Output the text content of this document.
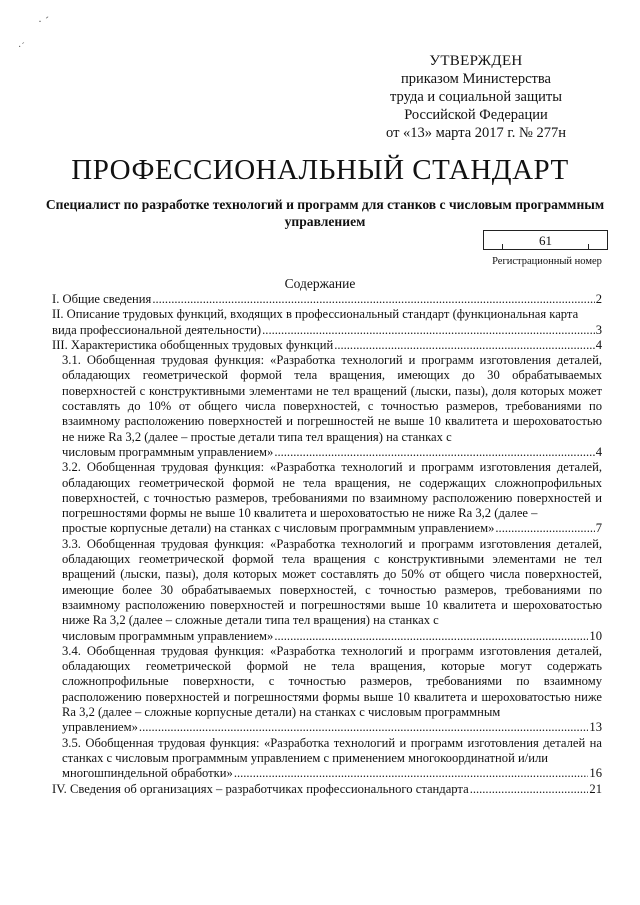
· ˊ
·ˊ
УТВЕРЖДЕН
приказом Министерства
труда и социальной защиты
Российской Федерации
от «13» марта 2017 г. № 277н
ПРОФЕССИОНАЛЬНЫЙ СТАНДАРТ
Специалист по разработке технологий и программ для станков с числовым программным управлением
61
Регистрационный номер
Содержание
I. Общие сведения .....	2
II. Описание трудовых функций, входящих в профессиональный стандарт (функциональная карта
вида профессиональной деятельности) .....	3
III. Характеристика обобщенных трудовых функций .....	4
3.1. Обобщенная трудовая функция: «Разработка технологий и программ изготовления деталей, обладающих геометрической формой тела вращения, имеющих до 30 обрабатываемых поверхностей с конструктивными элементами не тел вращений (лыски, пазы), доля которых может составлять до 10% от общего числа поверхностей, с точностью размеров, требованиями по взаимному расположению поверхностей и погрешностей не выше 10 квалитета и шероховатостью не ниже Ra 3,2 (далее – простые детали типа тел вращения) на станках с
числовым программным управлением» .....	4
3.2. Обобщенная трудовая функция: «Разработка технологий и программ изготовления деталей, обладающих геометрической формой не тела вращения, не содержащих сложнопрофильных поверхностей, с точностью размеров, требованиями по взаимному расположению поверхностей и погрешностями формы не выше 10 квалитета и шероховатостью не ниже Ra 3,2 (далее –
простые корпусные детали) на станках с числовым программным управлением» .....	7
3.3. Обобщенная трудовая функция: «Разработка технологий и программ изготовления деталей, обладающих геометрической формой тела вращения с конструктивными элементами не тел вращений (лыски, пазы), доля которых может составлять до 50% от общего числа поверхностей, имеющие более 30 обрабатываемых поверхностей, с точностью размеров, требованиями по взаимному расположению поверхностей и погрешностями выше 10 квалитета и шероховатостью ниже Ra 3,2 (далее – сложные детали типа тел вращения) на станках с
числовым программным управлением» .....	10
3.4. Обобщенная трудовая функция: «Разработка технологий и программ изготовления деталей, обладающих геометрической формой не тела вращения, которые могут содержать сложнопрофильные поверхности, с точностью размеров, требованиями по взаимному расположению поверхностей и погрешностями формы выше 10 квалитета и шероховатостью ниже Ra 3,2 (далее – сложные корпусные детали) на станках с числовым программным
управлением» .....	13
3.5. Обобщенная трудовая функция: «Разработка технологий и программ изготовления деталей на станках с числовым программным управлением с применением многокоординатной и/или
многошпиндельной обработки» .....	16
IV. Сведения об организациях – разработчиках профессионального стандарта .....	21
